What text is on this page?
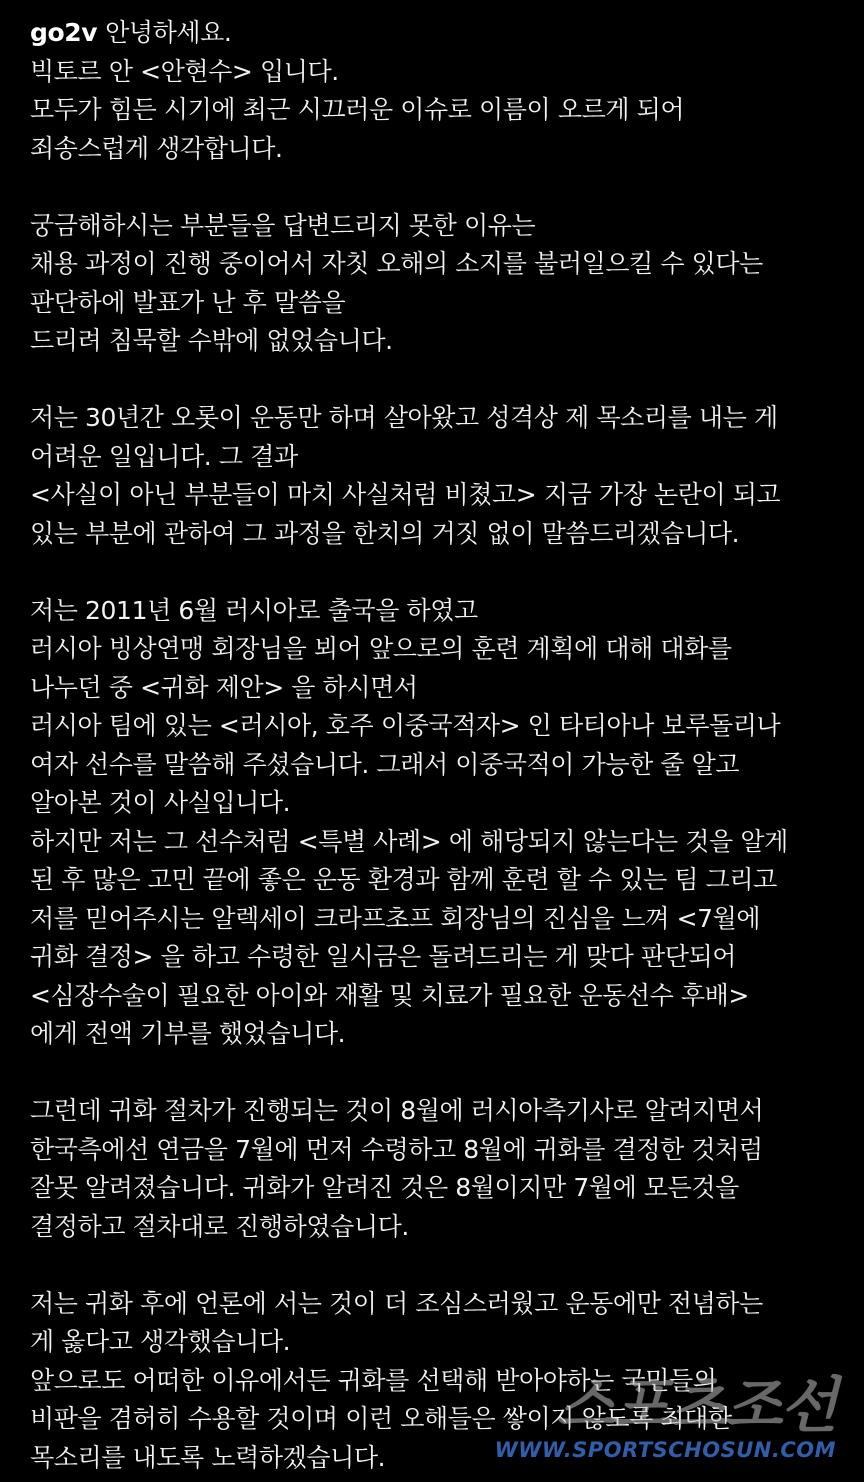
go2v 안녕하세요.
빅토르 안 <안현수> 입니다.
모두가 힘든 시기에 최근 시끄러운 이슈로 이름이 오르게 되어
죄송스럽게 생각합니다.
궁금해하시는 부분들을 답변드리지 못한 이유는
채용 과정이 진행 중이어서 자칫 오해의 소지를 불러일으킬 수 있다는
판단하에 발표가 난 후 말씀을
드리려 침묵할 수밖에 없었습니다.
저는 30년간 오롯이 운동만 하며 살아왔고 성격상 제 목소리를 내는 게
어려운 일입니다. 그 결과
<사실이 아닌 부분들이 마치 사실처럼 비쳤고> 지금 가장 논란이 되고
있는 부분에 관하여 그 과정을 한치의 거짓 없이 말씀드리겠습니다.
저는 2011년 6월 러시아로 출국을 하였고
러시아 빙상연맹 회장님을 뵈어 앞으로의 훈련 계획에 대해 대화를
나누던 중 <귀화 제안> 을 하시면서
러시아 팀에 있는 <러시아, 호주 이중국적자> 인 타티아나 보루돌리나
여자 선수를 말씀해 주셨습니다. 그래서 이중국적이 가능한 줄 알고
알아본 것이 사실입니다.
하지만 저는 그 선수처럼 <특별 사례> 에 해당되지 않는다는 것을 알게
된 후 많은 고민 끝에 좋은 운동 환경과 함께 훈련 할 수 있는 팀 그리고
저를 믿어주시는 알렉세이 크라프초프 회장님의 진심을 느껴 <7월에
귀화 결정> 을 하고 수령한 일시금은 돌려드리는 게 맞다 판단되어
<심장수술이 필요한 아이와 재활 및 치료가 필요한 운동선수 후배>
에게 전액 기부를 했었습니다.
그런데 귀화 절차가 진행되는 것이 8월에 러시아측기사로 알려지면서
한국측에선 연금을 7월에 먼저 수령하고 8월에 귀화를 결정한 것처럼
잘못 알려졌습니다. 귀화가 알려진 것은 8월이지만 7월에 모든것을
결정하고 절차대로 진행하였습니다.
저는 귀화 후에 언론에 서는 것이 더 조심스러웠고 운동에만 전념하는
게 옳다고 생각했습니다.
앞으로도 어떠한 이유에서든 귀화를 선택해 받아야하는 국민들의
비판을 겸허히 수용할 것이며 이런 오해들은 쌓이지 않도록 최대한
목소리를 내도록 노력하겠습니다.
스포츠조선
WWW.SPORTSCHOSUN.COM
